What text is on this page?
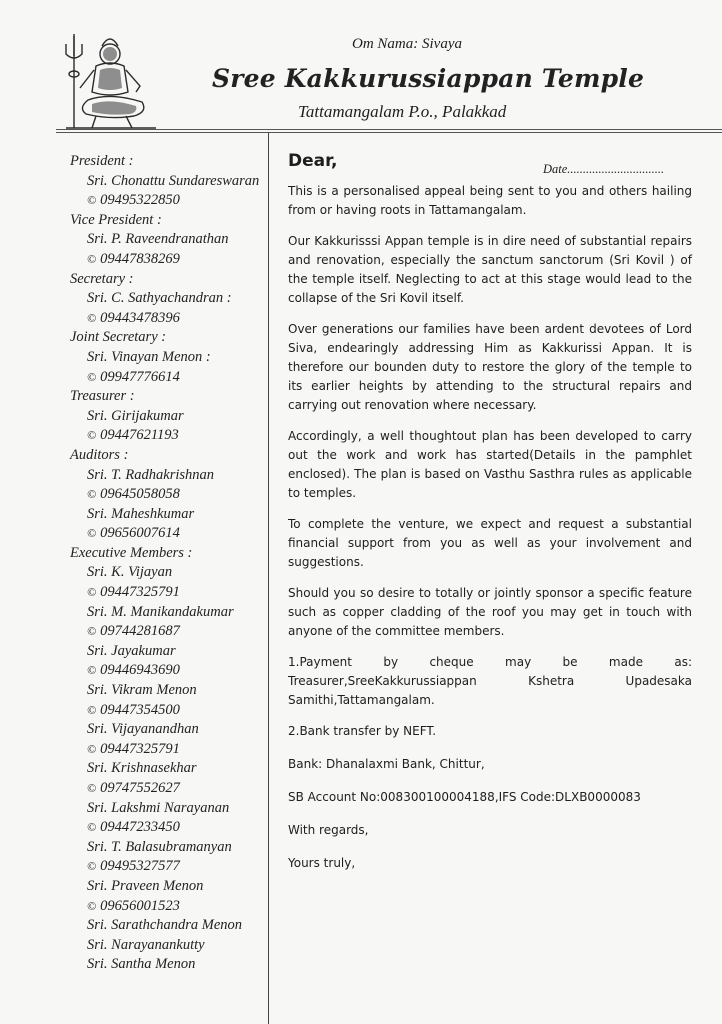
Om Nama: Sivaya
Sree Kakkurussiappan Temple
Tattamangalam P.o., Palakkad
President :
Sri. Chonattu Sundareswaran
© 09495322850
Vice President :
Sri. P. Raveendranathan
© 09447838269
Secretary :
Sri. C. Sathyachandran :
© 09443478396
Joint Secretary :
Sri. Vinayan Menon :
© 09947776614
Treasurer :
Sri. Girijakumar
© 09447621193
Auditors :
Sri. T. Radhakrishnan
© 09645058058
Sri. Maheshkumar
© 09656007614
Executive Members :
Sri. K. Vijayan
© 09447325791
Sri. M. Manikandakumar
© 09744281687
Sri. Jayakumar
© 09446943690
Sri. Vikram Menon
© 09447354500
Sri. Vijayanandhan
© 09447325791
Sri. Krishnasekhar
© 09747552627
Sri. Lakshmi Narayanan
© 09447233450
Sri. T. Balasubramanyan
© 09495327577
Sri. Praveen Menon
© 09656001523
Sri. Sarathchandra Menon
Sri. Narayanankutty
Sri. Santha Menon
Dear,	Date...............................

This is a personalised appeal being sent to you and others hailing from or having roots in Tattamangalam.

Our Kakkurisssi Appan temple is in dire need of substantial repairs and renovation, especially the sanctum sanctorum (Sri Kovil ) of the temple itself. Neglecting to act at this stage would lead to the collapse of the Sri Kovil itself.

Over generations our families have been ardent devotees of Lord Siva, endearingly addressing Him as Kakkurissi Appan. It is therefore our bounden duty to restore the glory of the temple to its earlier heights by attending to the structural repairs and carrying out renovation where necessary.

Accordingly, a well thoughtout plan has been developed to carry out the work and work has started(Details in the pamphlet enclosed). The plan is based on Vasthu Sasthra rules as applicable to temples.

To complete the venture, we expect and request a substantial financial support from you as well as your involvement and suggestions.

Should you so desire to totally or jointly sponsor a specific feature such as copper cladding of the roof you may get in touch with anyone of the committee members.

1.Payment by cheque may be made as:
Treasurer,SreeKakkurussiappan Kshetra Upadesaka
Samithi,Tattamangalam.
2.Bank transfer by NEFT.
Bank: Dhanalaxmi Bank, Chittur,
SB Account No:008300100004188,IFS Code:DLXB0000083
With regards,
Yours truly,
